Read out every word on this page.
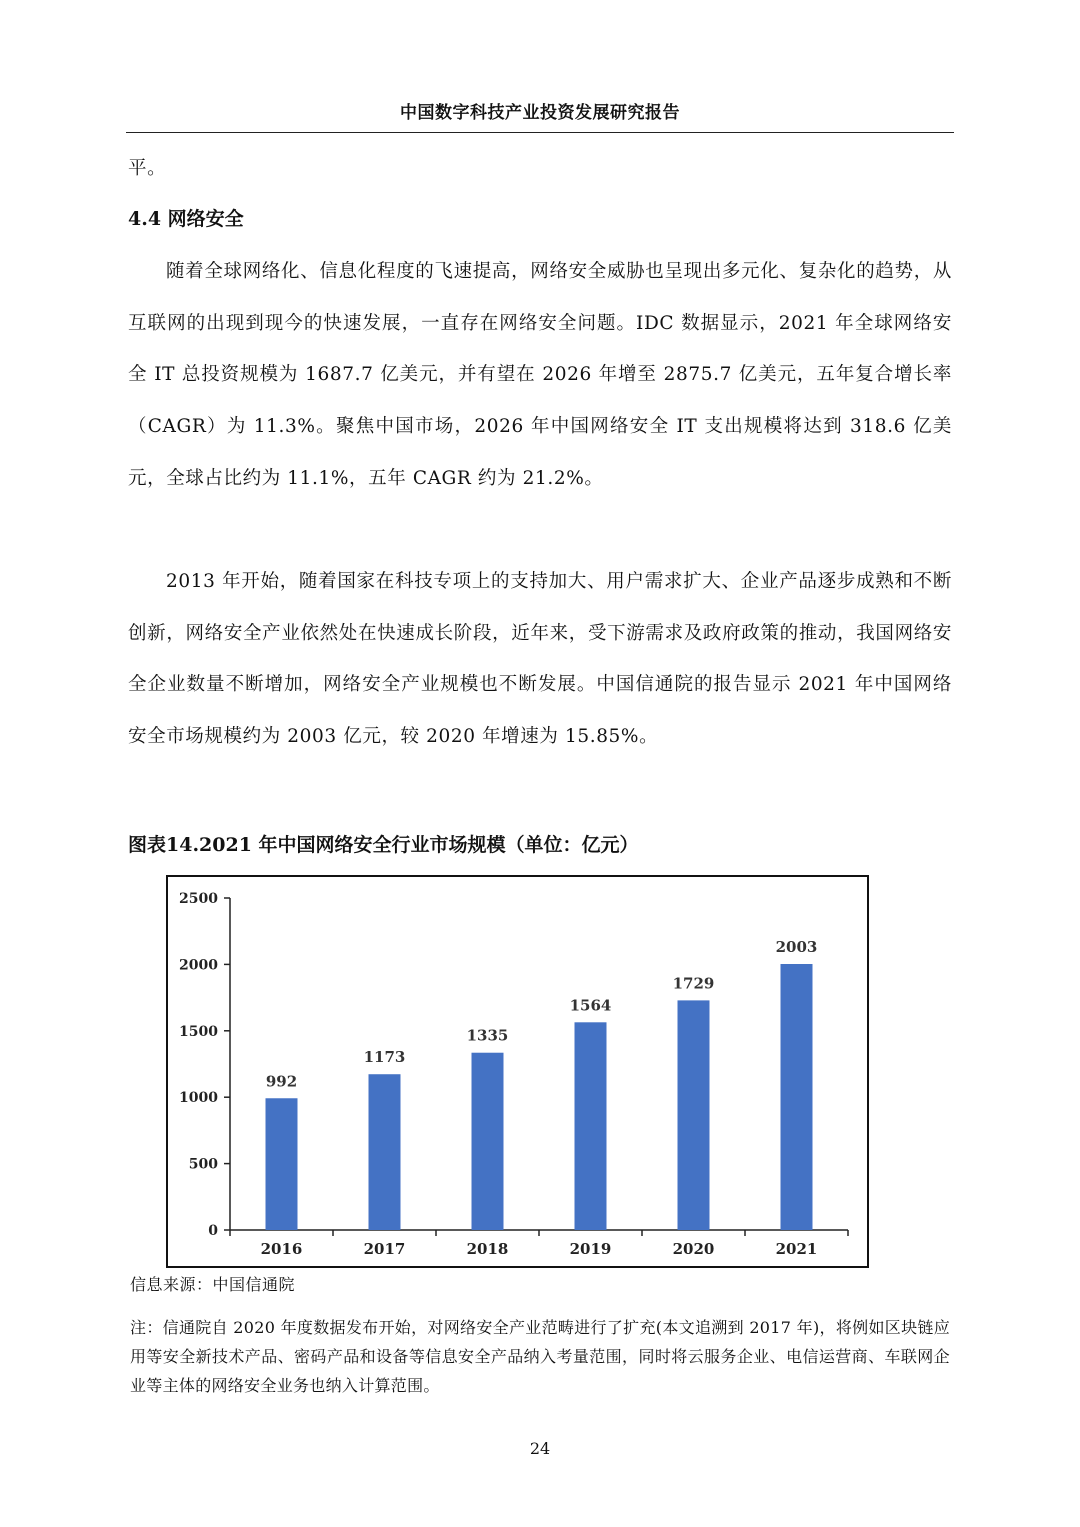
中国数字科技产业投资发展研究报告

平。

4.4 网络安全

随着全球网络化、信息化程度的飞速提高，网络安全威胁也呈现出多元化、复杂化的趋势，从互联网的出现到现今的快速发展，一直存在网络安全问题。IDC 数据显示，2021 年全球网络安全 IT 总投资规模为 1687.7 亿美元，并有望在 2026 年增至 2875.7 亿美元，五年复合增长率（CAGR）为 11.3%。聚焦中国市场，2026 年中国网络安全 IT 支出规模将达到 318.6 亿美元，全球占比约为 11.1%，五年 CAGR 约为 21.2%。

2013 年开始，随着国家在科技专项上的支持加大、用户需求扩大、企业产品逐步成熟和不断创新，网络安全产业依然处在快速成长阶段，近年来，受下游需求及政府政策的推动，我国网络安全企业数量不断增加，网络安全产业规模也不断发展。中国信通院的报告显示 2021 年中国网络安全市场规模约为 2003 亿元，较 2020 年增速为 15.85%。

图表14.2021 年中国网络安全行业市场规模（单位：亿元）
0
500
1000
1500
2000
2500
992
2016
1173
2017
1335
2018
1564
2019
1729
2020
2003
2021
信息来源：中国信通院

注：信通院自 2020 年度数据发布开始，对网络安全产业范畴进行了扩充(本文追溯到 2017 年)，将例如区块链应用等安全新技术产品、密码产品和设备等信息安全产品纳入考量范围，同时将云服务企业、电信运营商、车联网企业等主体的网络安全业务也纳入计算范围。

24
